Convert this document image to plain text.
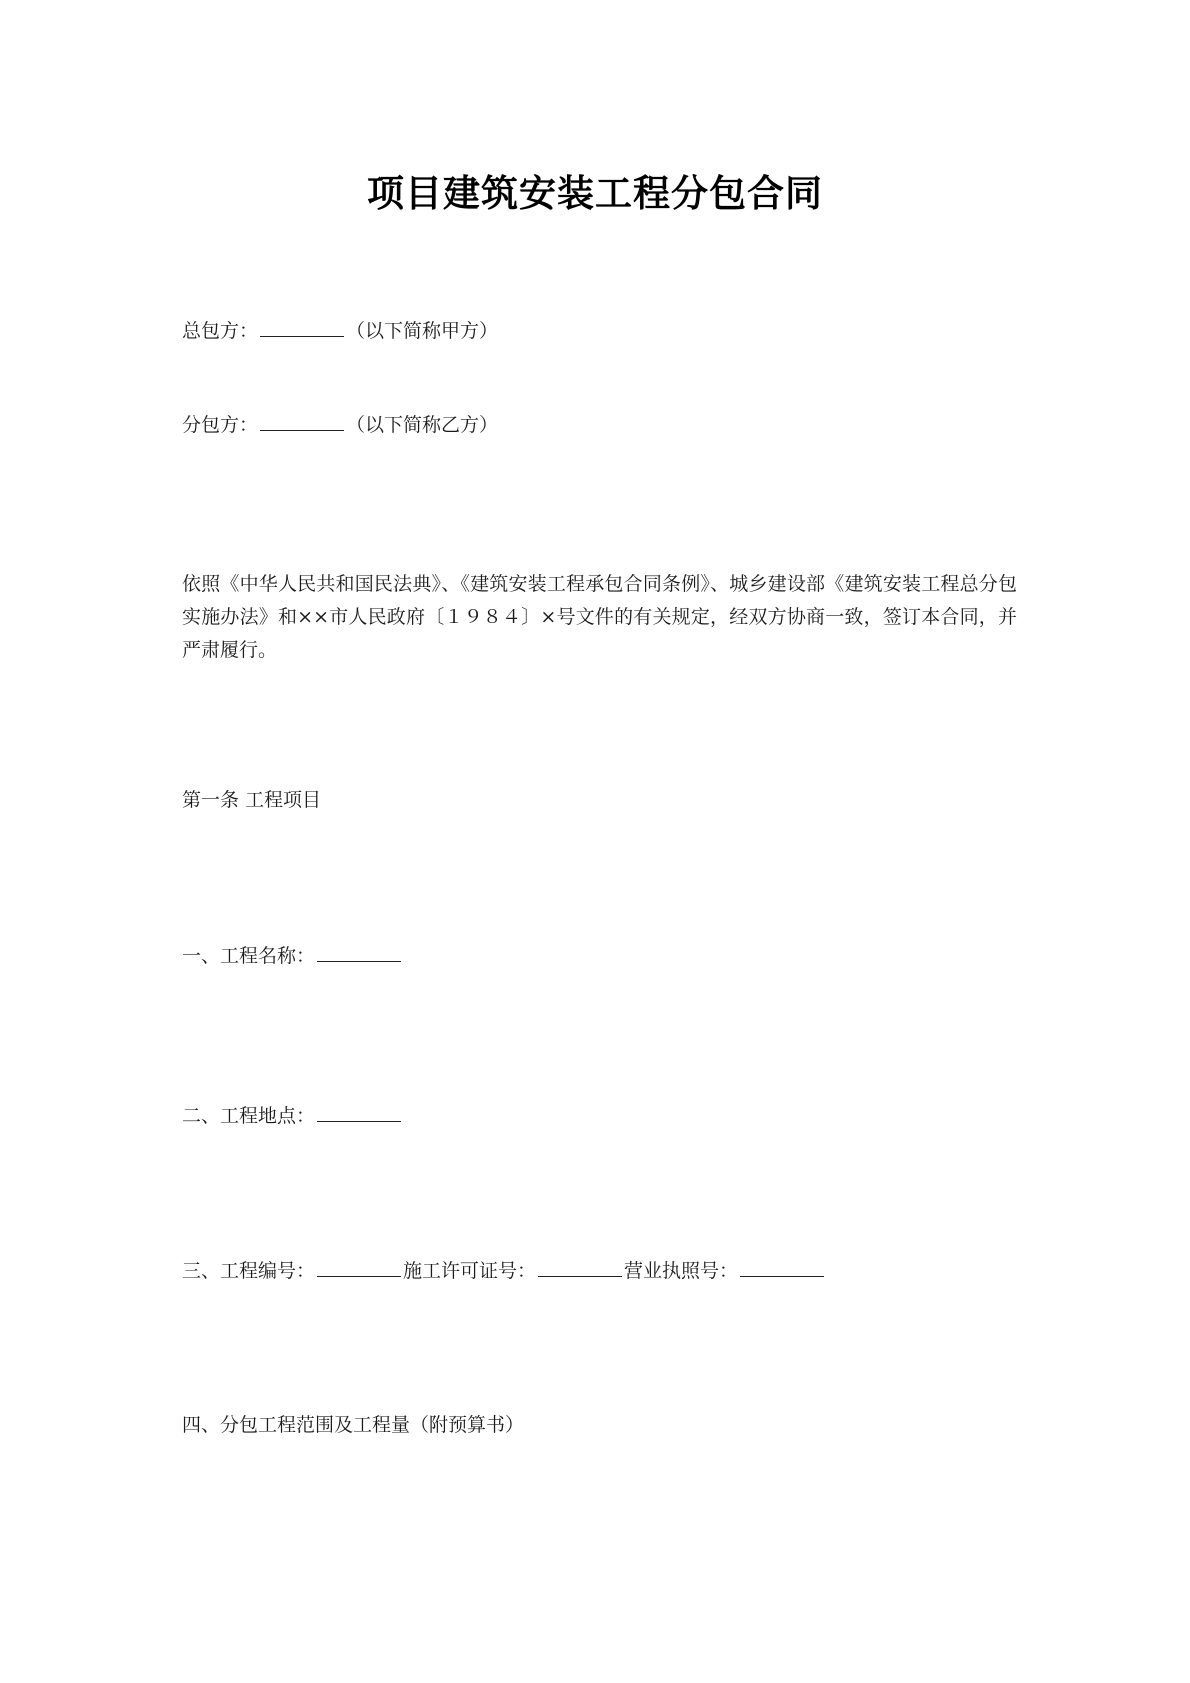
项目建筑安装工程分包合同
总包方：	（以下简称甲方）
分包方：	（以下简称乙方）
依照《中华人民共和国民法典》、《建筑安装工程承包合同条例》、城乡建设部《建筑安装工程总分包实施办法》和××市人民政府〔１９８４〕×号文件的有关规定，经双方协商一致，签订本合同，并严肃履行。
第一条 工程项目
一、工程名称：
二、工程地点：
三、工程编号：	施工许可证号：	营业执照号：
四、分包工程范围及工程量（附预算书）
